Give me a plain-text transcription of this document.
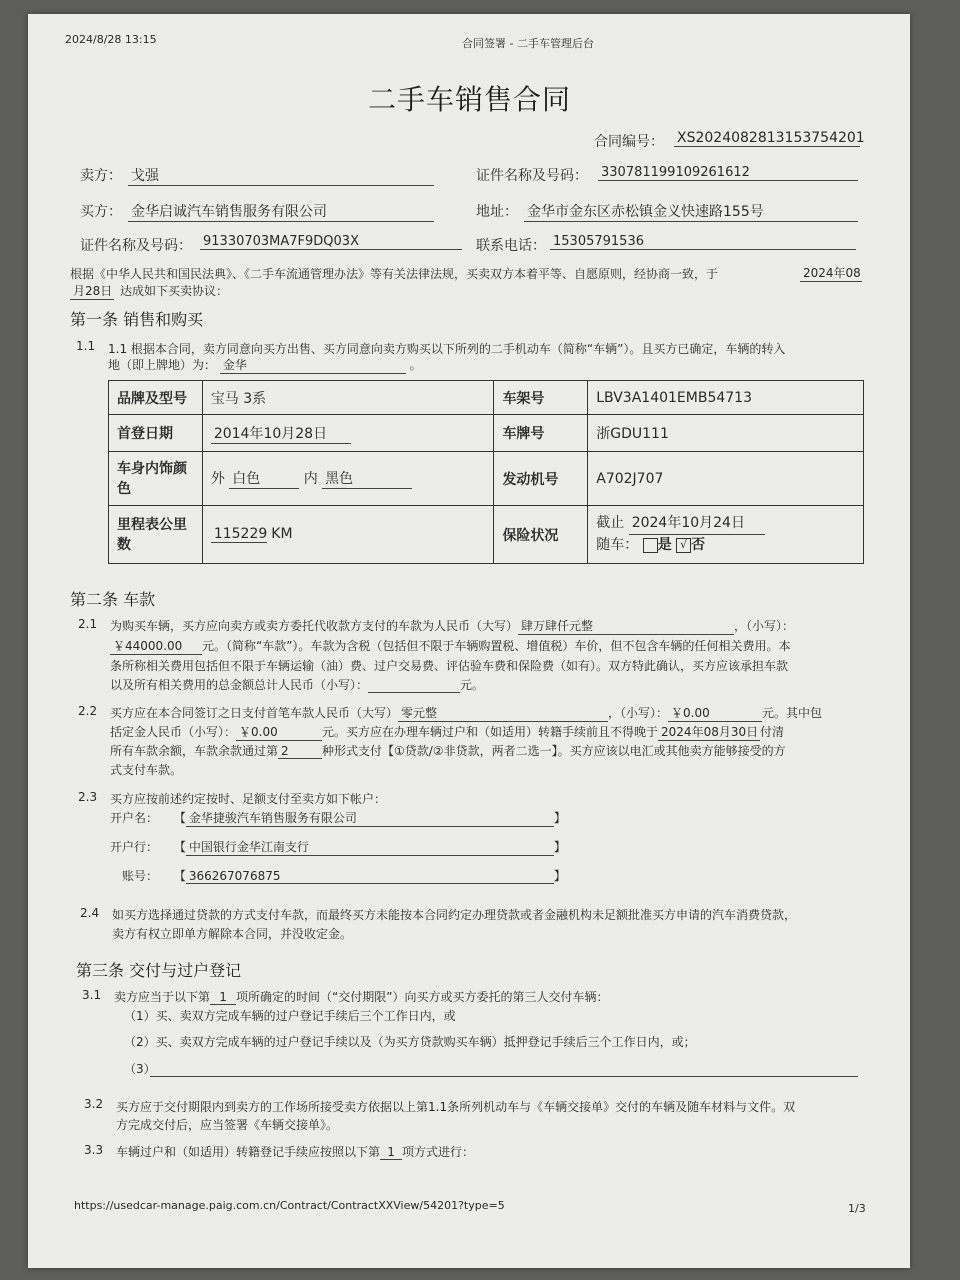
2024/8/28 13:15	合同签署 - 二手车管理后台
二手车销售合同
合同编号： XS20240828131537542​01
卖方： 戈强	证件名称及号码： 330781199109261612
买方： 金华启诚汽车销售服务有限公司	地址： 金华市金东区赤松镇金义快速路155号
证件名称及号码： 91330703MA7F9DQ03X	联系电话： 15305791536
根据《中华人民共和国民法典》、《二手车流通管理办法》等有关法律法规，买卖双方本着平等、自愿原则，经协商一致，于	2024年08
月28日 达成如下买卖协议：
第一条 销售和购买
1.1 1.1 根据本合同，卖方同意向买方出售、买方同意向卖方购买以下所列的二手机动车（简称“车辆”）。且买方已确定，车辆的转入
地（即上牌地）为： 金华	。
品牌及型号	宝马 3系	车架号	LBV3A1401EMB54713
首登日期	2014年10月28日	车牌号	浙GDU111
车身内饰颜色	外 白色 内 黑色	发动机号	A702J707
里程表公里数	115229 KM	保险状况	截止 2024年10月24日
随车： 是 √ 否
第二条 车款
2.1 为购买车辆，买方应向卖方或卖方委托代收款方支付的车款为人民币（大写） 肆万肆仟元整	，（小写）：
￥44000.00 元。（简称“车款”）。车款为含税（包括但不限于车辆购置税、增值税）车价，但不包含车辆的任何相关费用。本
条所称相关费用包括但不限于车辆运输（油）费、过户交易费、评估验车费和保险费（如有）。双方特此确认，买方应该承担车款
以及所有相关费用的总金额总计人民币（小写）：	元。
2.2 买方应在本合同签订之日支付首笔车款人民币（大写） 零元整	，（小写）： ￥0.00	元。其中包
括定金人民币（小写）： ￥0.00	元。买方应在办理车辆过户和（如适用）转籍手续前且不得晚于 2024年08月30日 付清
所有车款余额，车款余款通过第 2	种形式支付【①贷款/②非贷款，两者二选一】。买方应该以电汇或其他卖方能够接受的方
式支付车款。
2.3 买方应按前述约定按时、足额支付至卖方如下帐户：
开户名： 【 金华捷骏汽车销售服务有限公司	】
开户行： 【 中国银行金华江南支行	】
账号： 【 366267076875	】
2.4 如买方选择通过贷款的方式支付车款，而最终买方未能按本合同约定办理贷款或者金融机构未足额批准买方申请的汽车消费贷款，
卖方有权立即单方解除本合同，并没收定金。
第三条 交付与过户登记
3.1 卖方应当于以下第 1 项所确定的时间（“交付期限”）向买方或买方委托的第三人交付车辆：
（1）买、卖双方完成车辆的过户登记手续后三个工作日内，或
（2）买、卖双方完成车辆的过户登记手续以及（为买方贷款购买车辆）抵押登记手续后三个工作日内，或；
（3）
3.2 买方应于交付期限内到卖方的工作场所接受卖方依据以上第1.1条所列机动车与《车辆交接单》交付的车辆及随车材料与文件。双
方完成交付后，应当签署《车辆交接单》。
3.3 车辆过户和（如适用）转籍登记手续应按照以下第 1 项方式进行：
https://usedcar-manage.paig.com.cn/Contract/ContractXXView/54201?type=5	1/3
